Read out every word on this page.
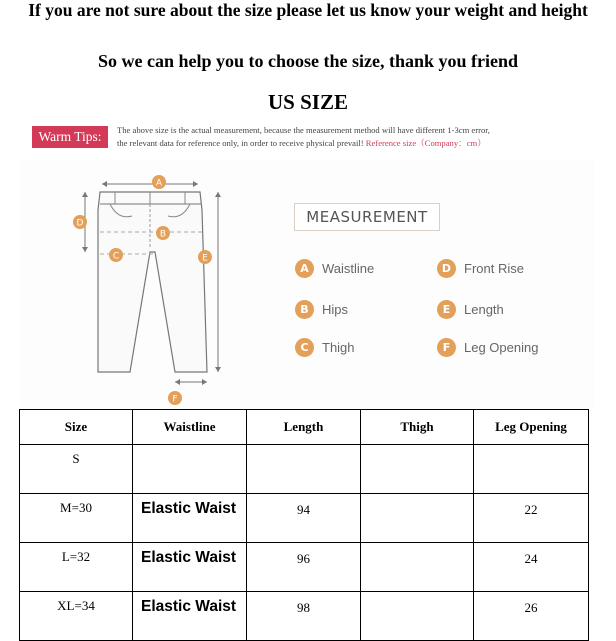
If you are not sure about the size please let us know your weight and height
So we can help you to choose the size, thank you friend
US SIZE
Warm Tips:	The above size is the actual measurement, because the measurement method will have different 1-3cm error,
the relevant data for reference only, in order to receive physical prevail! Reference size（Company：cm）
A
B
C
D
E
F
MEASUREMENT
A	Waistline
B	Hips
C	Thigh
D Front Rise
E	Length
F	Leg Opening
Size	Waistline	Length	Thigh	Leg Opening
S				
M=30	Elastic Waist	94		22
L=32	Elastic Waist	96		24
XL=34	Elastic Waist	98		26
